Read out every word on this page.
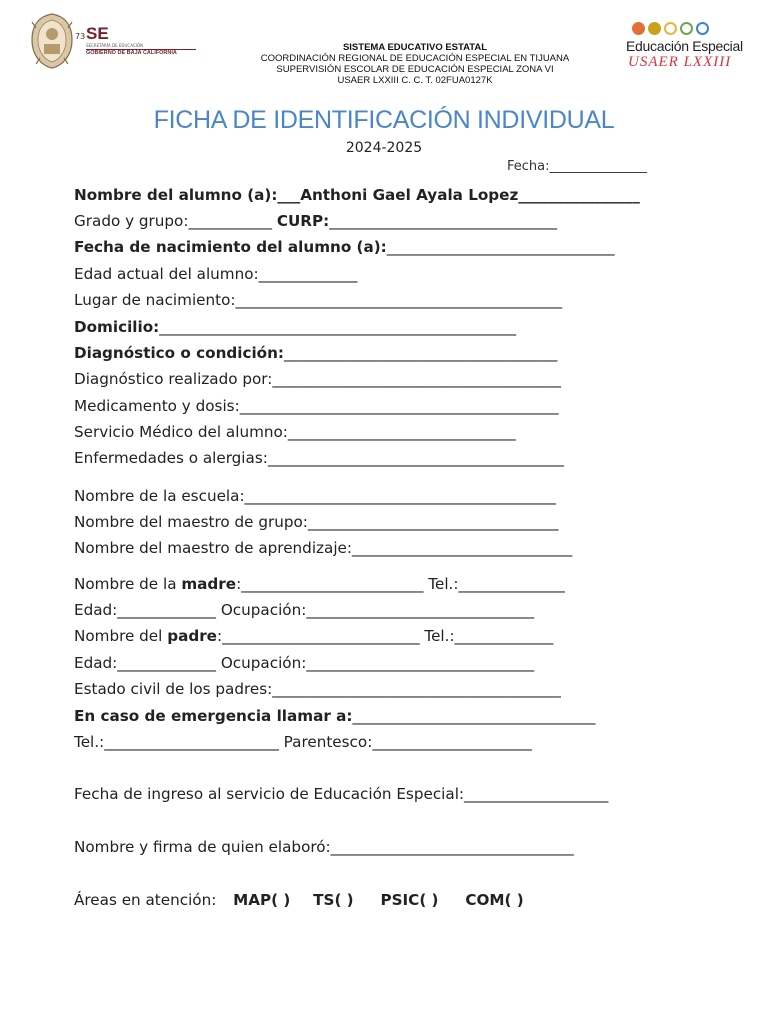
73 SE
SECRETARÍA DE EDUCACIÓN
GOBIERNO DE BAJA CALIFORNIA	SISTEMA EDUCATIVO ESTATAL
COORDINACIÓN REGIONAL DE EDUCACIÓN ESPECIAL EN TIJUANA
SUPERVISIÓN ESCOLAR DE EDUCACIÓN ESPECIAL ZONA VI
USAER LXXIII C. C. T. 02FUA0127K
Educación Especial
USAER LXXIII
FICHA DE IDENTIFICACIÓN INDIVIDUAL
2024-2025
Fecha:_______________
Nombre del alumno (a):___Anthoni Gael Ayala Lopez________________
Grado y grupo:___________ CURP:______________________________
Fecha de nacimiento del alumno (a):______________________________
Edad actual del alumno:_____________
Lugar de nacimiento:___________________________________________
Domicilio:_______________________________________________
Diagnóstico o condición:____________________________________
Diagnóstico realizado por:______________________________________
Medicamento y dosis:__________________________________________
Servicio Médico del alumno:______________________________
Enfermedades o alergias:_______________________________________
Nombre de la escuela:_________________________________________
Nombre del maestro de grupo:_________________________________
Nombre del maestro de aprendizaje:_____________________________
Nombre de la madre:________________________ Tel.:______________
Edad:_____________ Ocupación:______________________________
Nombre del padre:__________________________ Tel.:_____________
Edad:_____________ Ocupación:______________________________
Estado civil de los padres:______________________________________
En caso de emergencia llamar a:________________________________
Tel.:_______________________ Parentesco:_____________________
Fecha de ingreso al servicio de Educación Especial:___________________
Nombre y firma de quien elaboró:________________________________
Áreas en atención: MAP( ) TS( ) PSIC( ) COM( )
